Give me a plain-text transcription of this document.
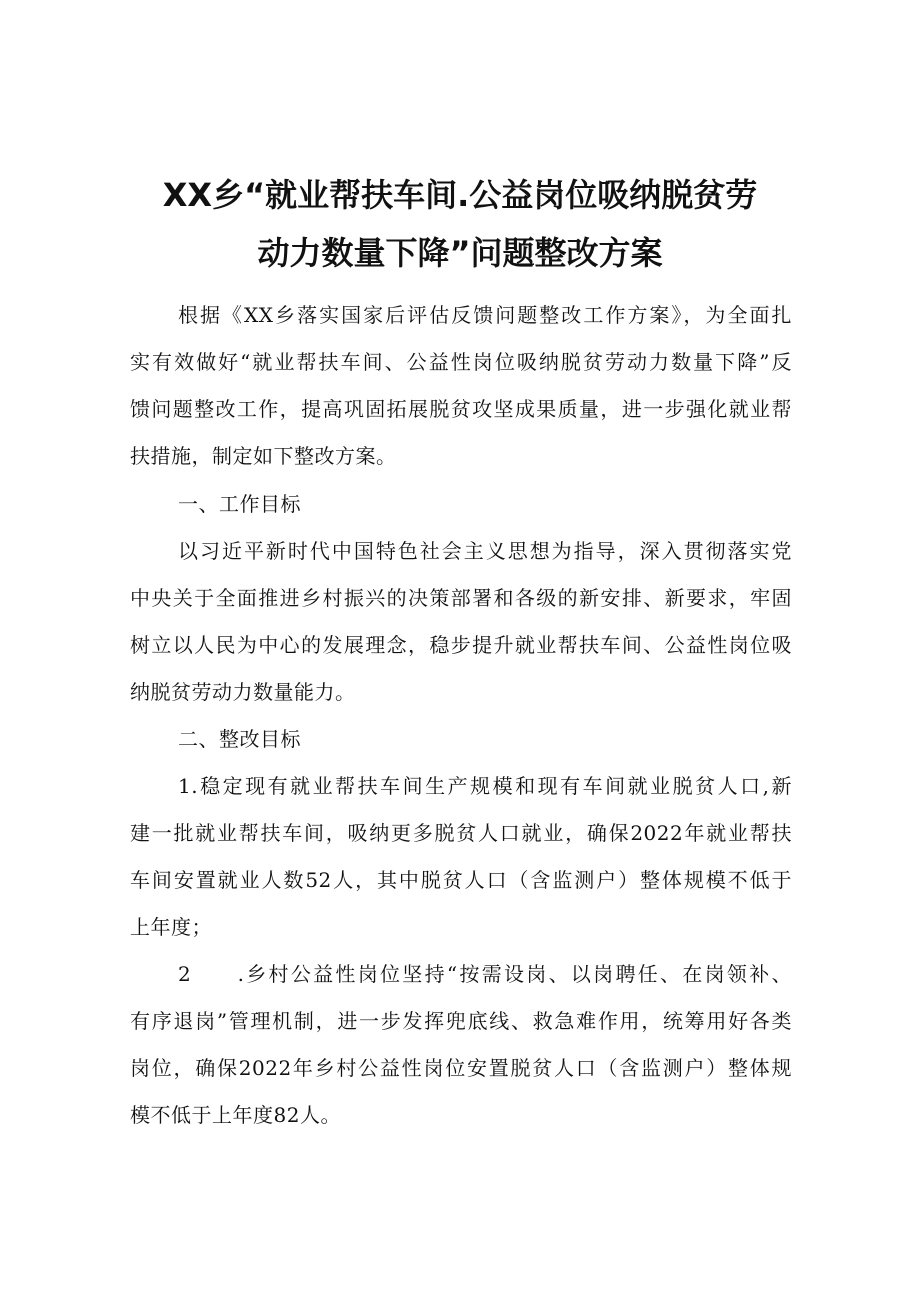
XX乡“就业帮扶车间.公益岗位吸纳脱贫劳
动力数量下降”问题整改方案
根据《XX乡落实国家后评估反馈问题整改工作方案》，为全面扎
实有效做好“就业帮扶车间、公益性岗位吸纳脱贫劳动力数量下降”反
馈问题整改工作，提高巩固拓展脱贫攻坚成果质量，进一步强化就业帮
扶措施，制定如下整改方案。
一、工作目标
以习近平新时代中国特色社会主义思想为指导，深入贯彻落实党
中央关于全面推进乡村振兴的决策部署和各级的新安排、新要求，牢固
树立以人民为中心的发展理念，稳步提升就业帮扶车间、公益性岗位吸
纳脱贫劳动力数量能力。
二、整改目标
1.稳定现有就业帮扶车间生产规模和现有车间就业脱贫人口,新
建一批就业帮扶车间，吸纳更多脱贫人口就业，确保2022年就业帮扶
车间安置就业人数52人，其中脱贫人口（含监测户）整体规模不低于
上年度；
2　　.乡村公益性岗位坚持“按需设岗、以岗聘任、在岗领补、
有序退岗”管理机制，进一步发挥兜底线、救急难作用，统筹用好各类
岗位，确保2022年乡村公益性岗位安置脱贫人口（含监测户）整体规
模不低于上年度82人。
